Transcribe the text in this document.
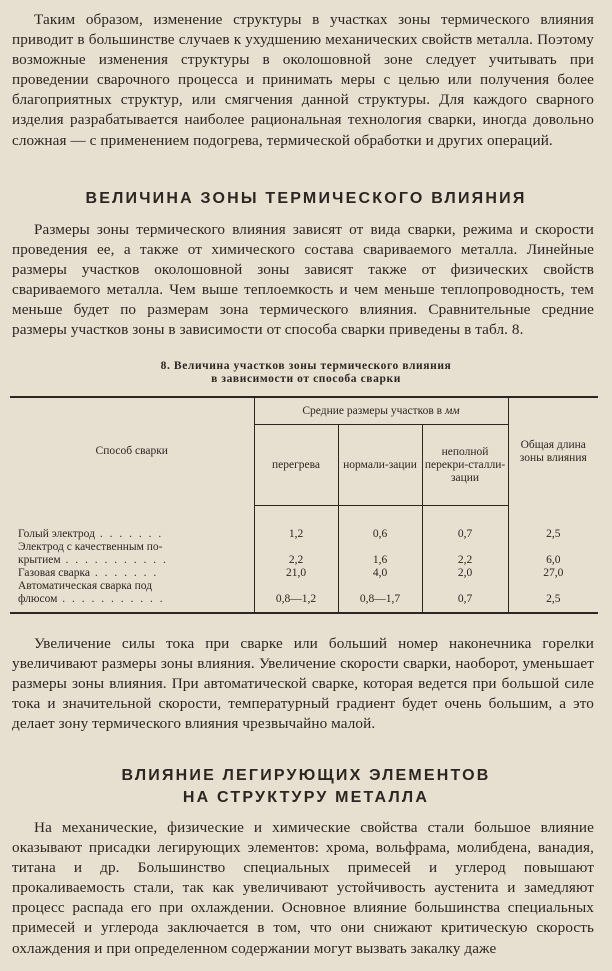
Таким образом, изменение структуры в участках зоны термического влияния приводит в большинстве случаев к ухудшению механических свойств металла. Поэтому возможные изменения структуры в околошовной зоне следует учитывать при проведении сварочного процесса и принимать меры с целью или получения более благоприятных структур, или смягчения данной структуры. Для каждого сварного изделия разрабатывается наиболее рациональная технология сварки, иногда довольно сложная — с применением подогрева, термической обработки и других операций.

ВЕЛИЧИНА ЗОНЫ ТЕРМИЧЕСКОГО ВЛИЯНИЯ

Размеры зоны термического влияния зависят от вида сварки, режима и скорости проведения ее, а также от химического состава свариваемого металла. Линейные размеры участков околошовной зоны зависят также от физических свойств свариваемого металла. Чем выше теплоемкость и чем меньше теплопроводность, тем меньше будет по размерам зона термического влияния. Сравнительные средние размеры участков зоны в зависимости от способа сварки приведены в табл. 8.

8. Величина участков зоны термического влияния
в зависимости от способа сварки
Способ сварки	Средние размеры участков в мм			Общая длина зоны влияния
	перегрева	нормали-зации	неполной перекри-сталли-зации	
Голый электрод . . . . . . .	1,2	0,6	0,7	2,5
Электрод с качественным по-				
крытием . . . . . . . . . . .	2,2	1,6	2,2	6,0
Газовая сварка . . . . . . .	21,0	4,0	2,0	27,0
Автоматическая сварка под				
флюсом . . . . . . . . . . .	0,8—1,2	0,8—1,7	0,7	2,5

Увеличение силы тока при сварке или больший номер наконечника горелки увеличивают размеры зоны влияния. Увеличение скорости сварки, наоборот, уменьшает размеры зоны влияния. При автоматической сварке, которая ведется при большой силе тока и значительной скорости, температурный градиент будет очень большим, а это делает зону термического влияния чрезвычайно малой.

ВЛИЯНИЕ ЛЕГИРУЮЩИХ ЭЛЕМЕНТОВ
НА СТРУКТУРУ МЕТАЛЛА

На механические, физические и химические свойства стали большое влияние оказывают присадки легирующих элементов: хрома, вольфрама, молибдена, ванадия, титана и др. Большинство специальных примесей и углерод повышают прокаливаемость стали, так как увеличивают устойчивость аустенита и замедляют процесс распада его при охлаждении. Основное влияние большинства специальных примесей и углерода заключается в том, что они снижают критическую скорость охлаждения и при определенном содержании могут вызвать закалку даже
